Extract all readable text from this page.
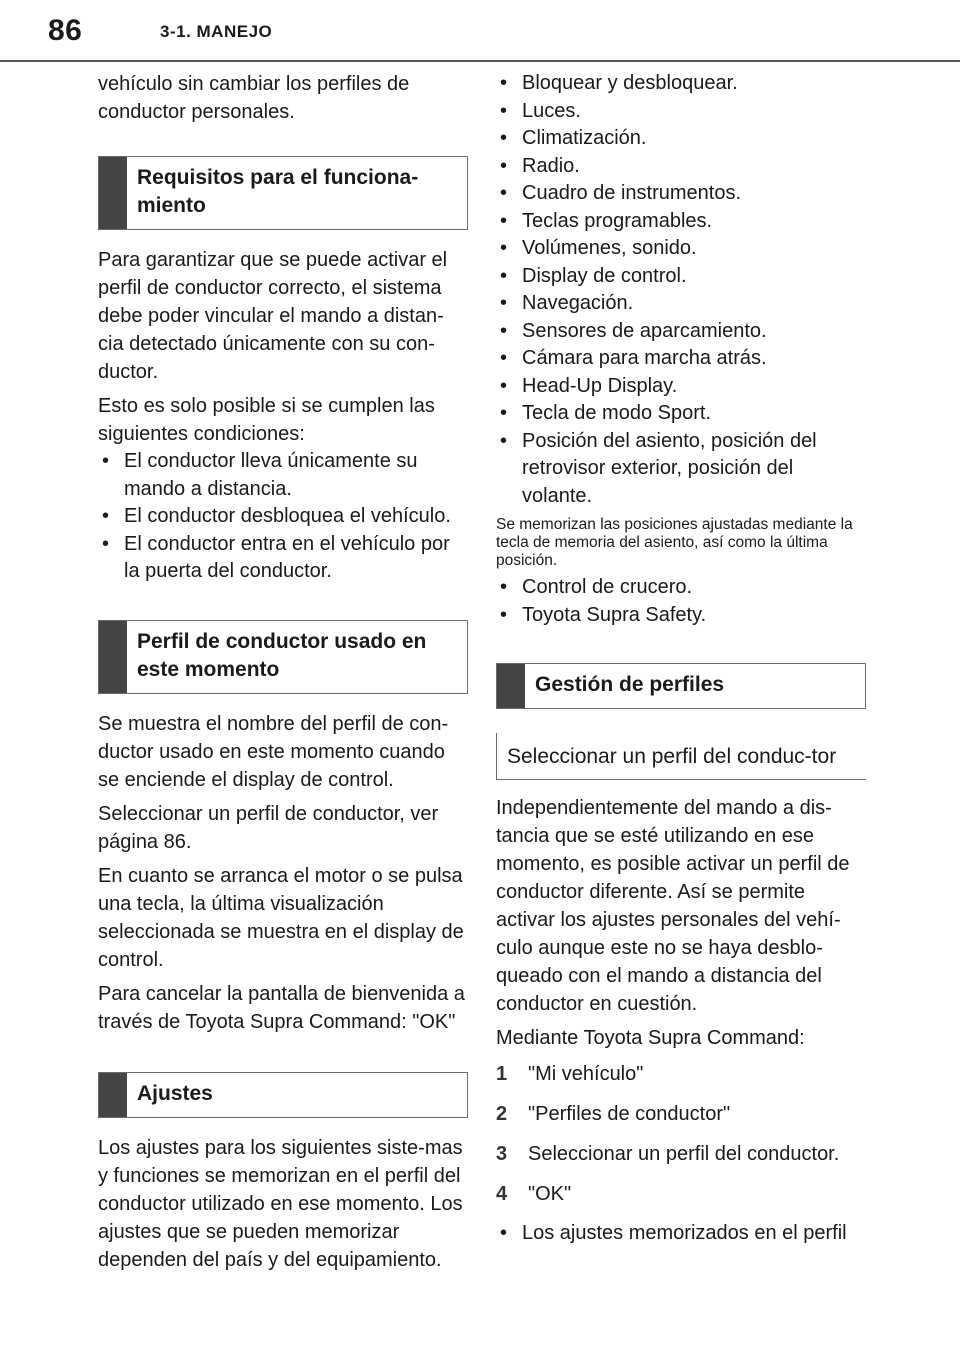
86	3-1. MANEJO

vehículo sin cambiar los perfiles de conductor personales.

Requisitos para el funciona-miento

Para garantizar que se puede activar el perfil de conductor correcto, el sistema debe poder vincular el mando a distan-cia detectado únicamente con su con-ductor.

Esto es solo posible si se cumplen las siguientes condiciones:

• El conductor lleva únicamente su mando a distancia.
• El conductor desbloquea el vehículo.
• El conductor entra en el vehículo por la puerta del conductor.
Perfil de conductor usado en este momento

Se muestra el nombre del perfil de con-ductor usado en este momento cuando se enciende el display de control.

Seleccionar un perfil de conductor, ver página 86.

En cuanto se arranca el motor o se pulsa una tecla, la última visualización seleccionada se muestra en el display de control.

Para cancelar la pantalla de bienvenida a través de Toyota Supra Command: "OK"

Ajustes

Los ajustes para los siguientes siste-mas y funciones se memorizan en el perfil del conductor utilizado en ese momento. Los ajustes que se pueden memorizar dependen del país y del equipamiento.

• Bloquear y desbloquear.
• Luces.
• Climatización.
• Radio.
• Cuadro de instrumentos.
• Teclas programables.
• Volúmenes, sonido.
• Display de control.
• Navegación.
• Sensores de aparcamiento.
• Cámara para marcha atrás.
• Head-Up Display.
• Tecla de modo Sport.
• Posición del asiento, posición del retrovisor exterior, posición del volante.

Se memorizan las posiciones ajustadas mediante la tecla de memoria del asiento, así como la última posición.

• Control de crucero.
• Toyota Supra Safety.
Gestión de perfiles
Seleccionar un perfil del conduc-tor

Independientemente del mando a dis-tancia que se esté utilizando en ese momento, es posible activar un perfil de conductor diferente. Así se permite activar los ajustes personales del vehí-culo aunque este no se haya desblo-queado con el mando a distancia del conductor en cuestión.

Mediante Toyota Supra Command:

1	"Mi vehículo"
2	"Perfiles de conductor"
3	Seleccionar un perfil del conductor.
4	"OK"
• Los ajustes memorizados en el perfil
